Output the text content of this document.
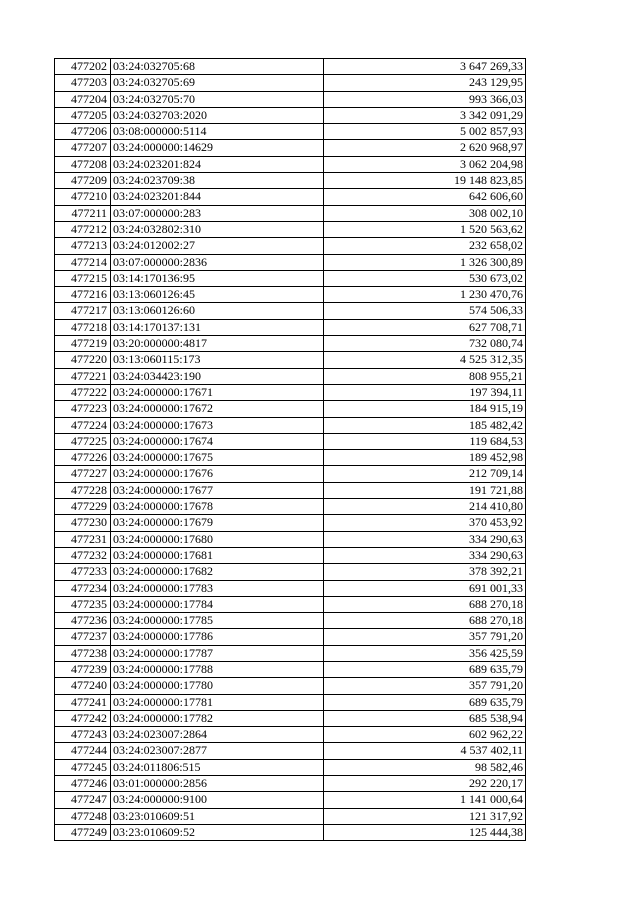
477202	03:24:032705:68	3 647 269,33
477203	03:24:032705:69	243 129,95
477204	03:24:032705:70	993 366,03
477205	03:24:032703:2020	3 342 091,29
477206	03:08:000000:5114	5 002 857,93
477207	03:24:000000:14629	2 620 968,97
477208	03:24:023201:824	3 062 204,98
477209	03:24:023709:38	19 148 823,85
477210	03:24:023201:844	642 606,60
477211	03:07:000000:283	308 002,10
477212	03:24:032802:310	1 520 563,62
477213	03:24:012002:27	232 658,02
477214	03:07:000000:2836	1 326 300,89
477215	03:14:170136:95	530 673,02
477216	03:13:060126:45	1 230 470,76
477217	03:13:060126:60	574 506,33
477218	03:14:170137:131	627 708,71
477219	03:20:000000:4817	732 080,74
477220	03:13:060115:173	4 525 312,35
477221	03:24:034423:190	808 955,21
477222	03:24:000000:17671	197 394,11
477223	03:24:000000:17672	184 915,19
477224	03:24:000000:17673	185 482,42
477225	03:24:000000:17674	119 684,53
477226	03:24:000000:17675	189 452,98
477227	03:24:000000:17676	212 709,14
477228	03:24:000000:17677	191 721,88
477229	03:24:000000:17678	214 410,80
477230	03:24:000000:17679	370 453,92
477231	03:24:000000:17680	334 290,63
477232	03:24:000000:17681	334 290,63
477233	03:24:000000:17682	378 392,21
477234	03:24:000000:17783	691 001,33
477235	03:24:000000:17784	688 270,18
477236	03:24:000000:17785	688 270,18
477237	03:24:000000:17786	357 791,20
477238	03:24:000000:17787	356 425,59
477239	03:24:000000:17788	689 635,79
477240	03:24:000000:17780	357 791,20
477241	03:24:000000:17781	689 635,79
477242	03:24:000000:17782	685 538,94
477243	03:24:023007:2864	602 962,22
477244	03:24:023007:2877	4 537 402,11
477245	03:24:011806:515	98 582,46
477246	03:01:000000:2856	292 220,17
477247	03:24:000000:9100	1 141 000,64
477248	03:23:010609:51	121 317,92
477249	03:23:010609:52	125 444,38
